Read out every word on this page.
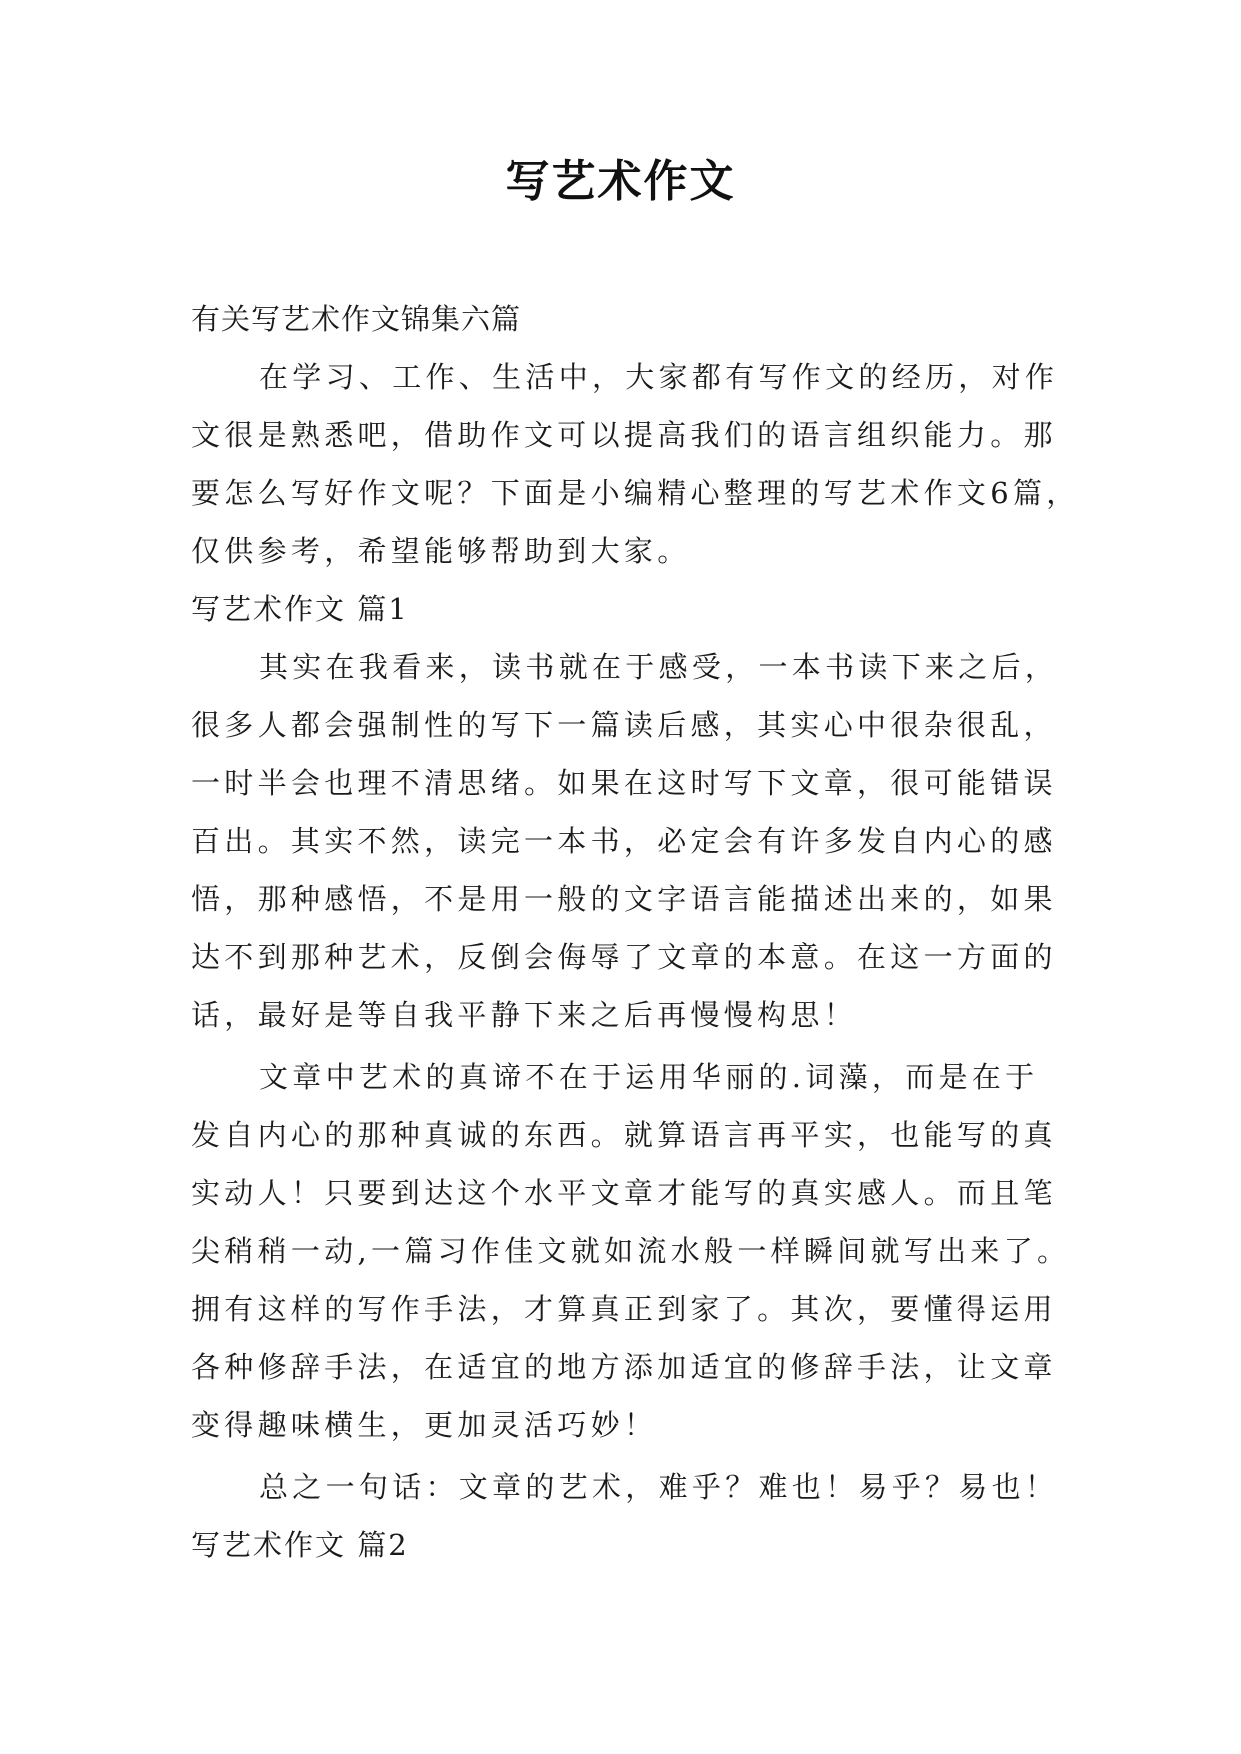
写艺术作文
有关写艺术作文锦集六篇
在学习、工作、生活中，大家都有写作文的经历，对作
文很是熟悉吧，借助作文可以提高我们的语言组织能力。那
要怎么写好作文呢？下面是小编精心整理的写艺术作文6篇，
仅供参考，希望能够帮助到大家。
写艺术作文 篇1
其实在我看来，读书就在于感受，一本书读下来之后，
很多人都会强制性的写下一篇读后感，其实心中很杂很乱，
一时半会也理不清思绪。如果在这时写下文章，很可能错误
百出。其实不然，读完一本书，必定会有许多发自内心的感
悟，那种感悟，不是用一般的文字语言能描述出来的，如果
达不到那种艺术，反倒会侮辱了文章的本意。在这一方面的
话，最好是等自我平静下来之后再慢慢构思！
文章中艺术的真谛不在于运用华丽的.词藻，而是在于
发自内心的那种真诚的东西。就算语言再平实，也能写的真
实动人！只要到达这个水平文章才能写的真实感人。而且笔
尖稍稍一动,一篇习作佳文就如流水般一样瞬间就写出来了。
拥有这样的写作手法，才算真正到家了。其次，要懂得运用
各种修辞手法，在适宜的地方添加适宜的修辞手法，让文章
变得趣味横生，更加灵活巧妙！
总之一句话：文章的艺术，难乎？难也！易乎？易也！
写艺术作文 篇2
